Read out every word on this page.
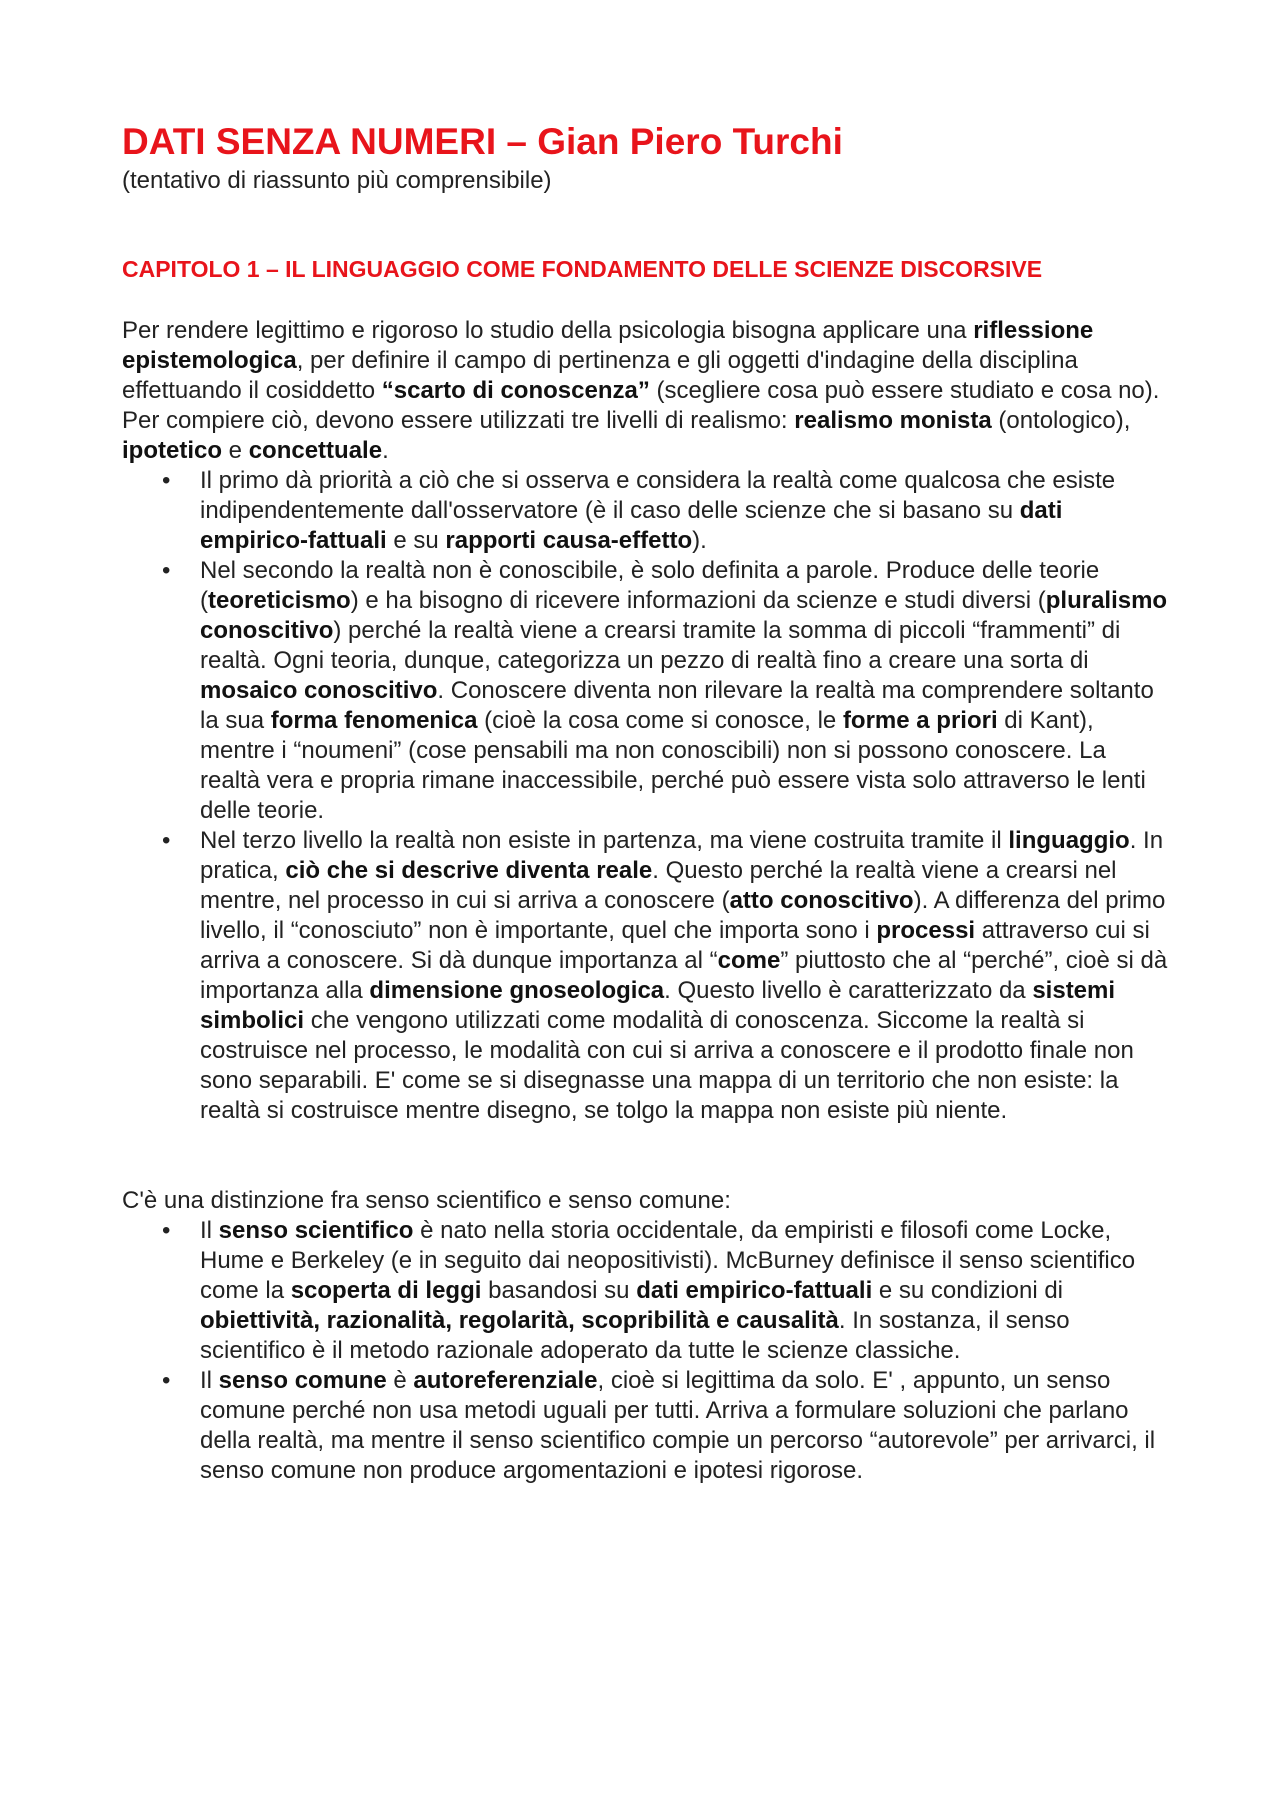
DATI SENZA NUMERI – Gian Piero Turchi
(tentativo di riassunto più comprensibile)
CAPITOLO 1 – IL LINGUAGGIO COME FONDAMENTO DELLE SCIENZE DISCORSIVE

Per rendere legittimo e rigoroso lo studio della psicologia bisogna applicare una riflessione epistemologica, per definire il campo di pertinenza e gli oggetti d'indagine della disciplina effettuando il cosiddetto “scarto di conoscenza” (scegliere cosa può essere studiato e cosa no). Per compiere ciò, devono essere utilizzati tre livelli di realismo: realismo monista (ontologico), ipotetico e concettuale.

• Il primo dà priorità a ciò che si osserva e considera la realtà come qualcosa che esiste indipendentemente dall'osservatore (è il caso delle scienze che si basano su dati empirico-fattuali e su rapporti causa-effetto).
• Nel secondo la realtà non è conoscibile, è solo definita a parole. Produce delle teorie (teoreticismo) e ha bisogno di ricevere informazioni da scienze e studi diversi (pluralismo conoscitivo) perché la realtà viene a crearsi tramite la somma di piccoli “frammenti” di realtà. Ogni teoria, dunque, categorizza un pezzo di realtà fino a creare una sorta di mosaico conoscitivo. Conoscere diventa non rilevare la realtà ma comprendere soltanto la sua forma fenomenica (cioè la cosa come si conosce, le forme a priori di Kant), mentre i “noumeni” (cose pensabili ma non conoscibili) non si possono conoscere. La realtà vera e propria rimane inaccessibile, perché può essere vista solo attraverso le lenti delle teorie.
• Nel terzo livello la realtà non esiste in partenza, ma viene costruita tramite il linguaggio. In pratica, ciò che si descrive diventa reale. Questo perché la realtà viene a crearsi nel mentre, nel processo in cui si arriva a conoscere (atto conoscitivo). A differenza del primo livello, il “conosciuto” non è importante, quel che importa sono i processi attraverso cui si arriva a conoscere. Si dà dunque importanza al “come” piuttosto che al “perché”, cioè si dà importanza alla dimensione gnoseologica. Questo livello è caratterizzato da sistemi simbolici che vengono utilizzati come modalità di conoscenza. Siccome la realtà si costruisce nel processo, le modalità con cui si arriva a conoscere e il prodotto finale non sono separabili. E' come se si disegnasse una mappa di un territorio che non esiste: la realtà si costruisce mentre disegno, se tolgo la mappa non esiste più niente.

C'è una distinzione fra senso scientifico e senso comune:

• Il senso scientifico è nato nella storia occidentale, da empiristi e filosofi come Locke, Hume e Berkeley (e in seguito dai neopositivisti). McBurney definisce il senso scientifico come la scoperta di leggi basandosi su dati empirico-fattuali e su condizioni di obiettività, razionalità, regolarità, scopribilità e causalità. In sostanza, il senso scientifico è il metodo razionale adoperato da tutte le scienze classiche.
• Il senso comune è autoreferenziale, cioè si legittima da solo. E' , appunto, un senso comune perché non usa metodi uguali per tutti. Arriva a formulare soluzioni che parlano della realtà, ma mentre il senso scientifico compie un percorso “autorevole” per arrivarci, il senso comune non produce argomentazioni e ipotesi rigorose.
